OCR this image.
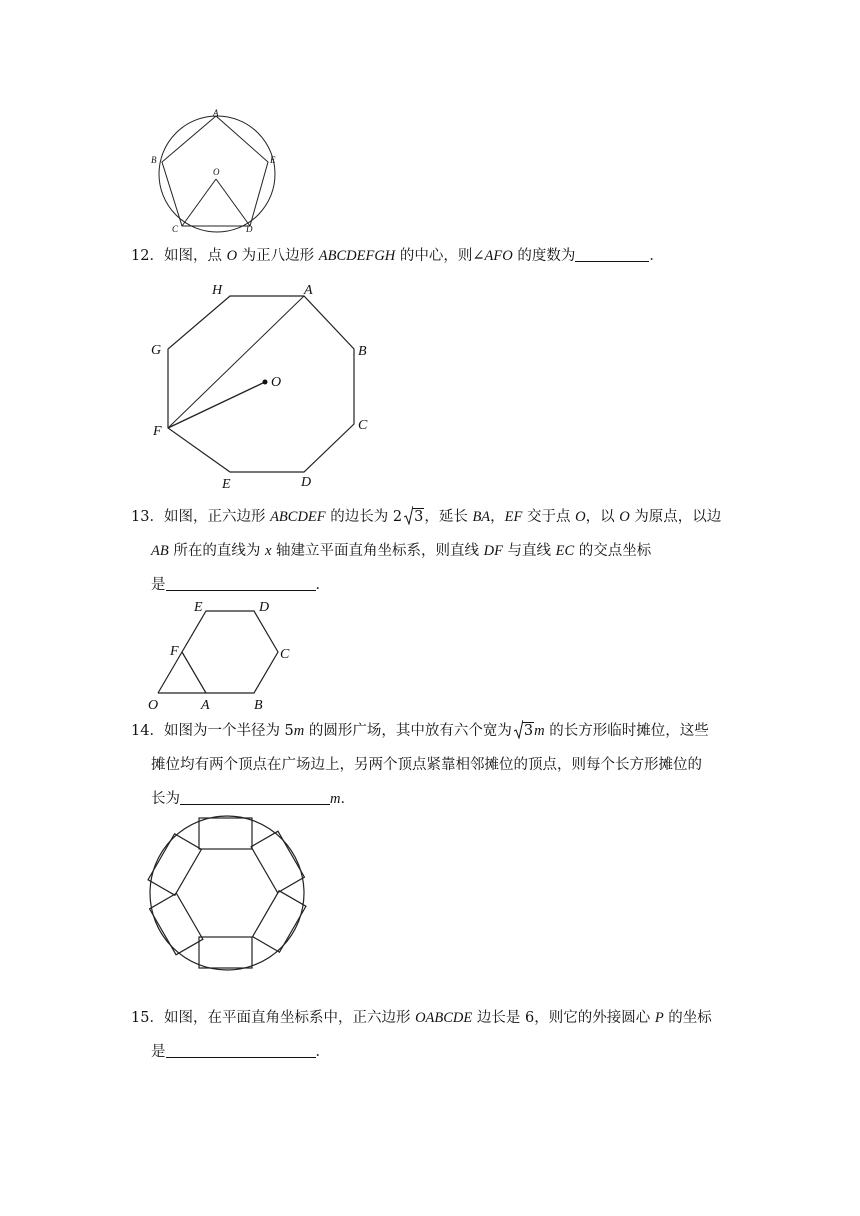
A
B	E
O
C	D
12．如图，点 O 为正八边形 ABCDEFGH 的中心，则∠AFO 的度数为	．
H	A
G	B
O
F	C
E	D
13．如图，正六边形 ABCDEF 的边长为 2 3，延长 BA，EF 交于点 O，以 O 为原点，以边
AB 所在的直线为 x 轴建立平面直角坐标系，则直线 DF 与直线 EC 的交点坐标
是	．
E	D
F	C
O	A	B
14．如图为一个半径为 5m 的圆形广场，其中放有六个宽为 3m 的长方形临时摊位，这些
摊位均有两个顶点在广场边上，另两个顶点紧靠相邻摊位的顶点，则每个长方形摊位的
长为	m．
15．如图，在平面直角坐标系中，正六边形 OABCDE 边长是 6，则它的外接圆心 P 的坐标
是	．
